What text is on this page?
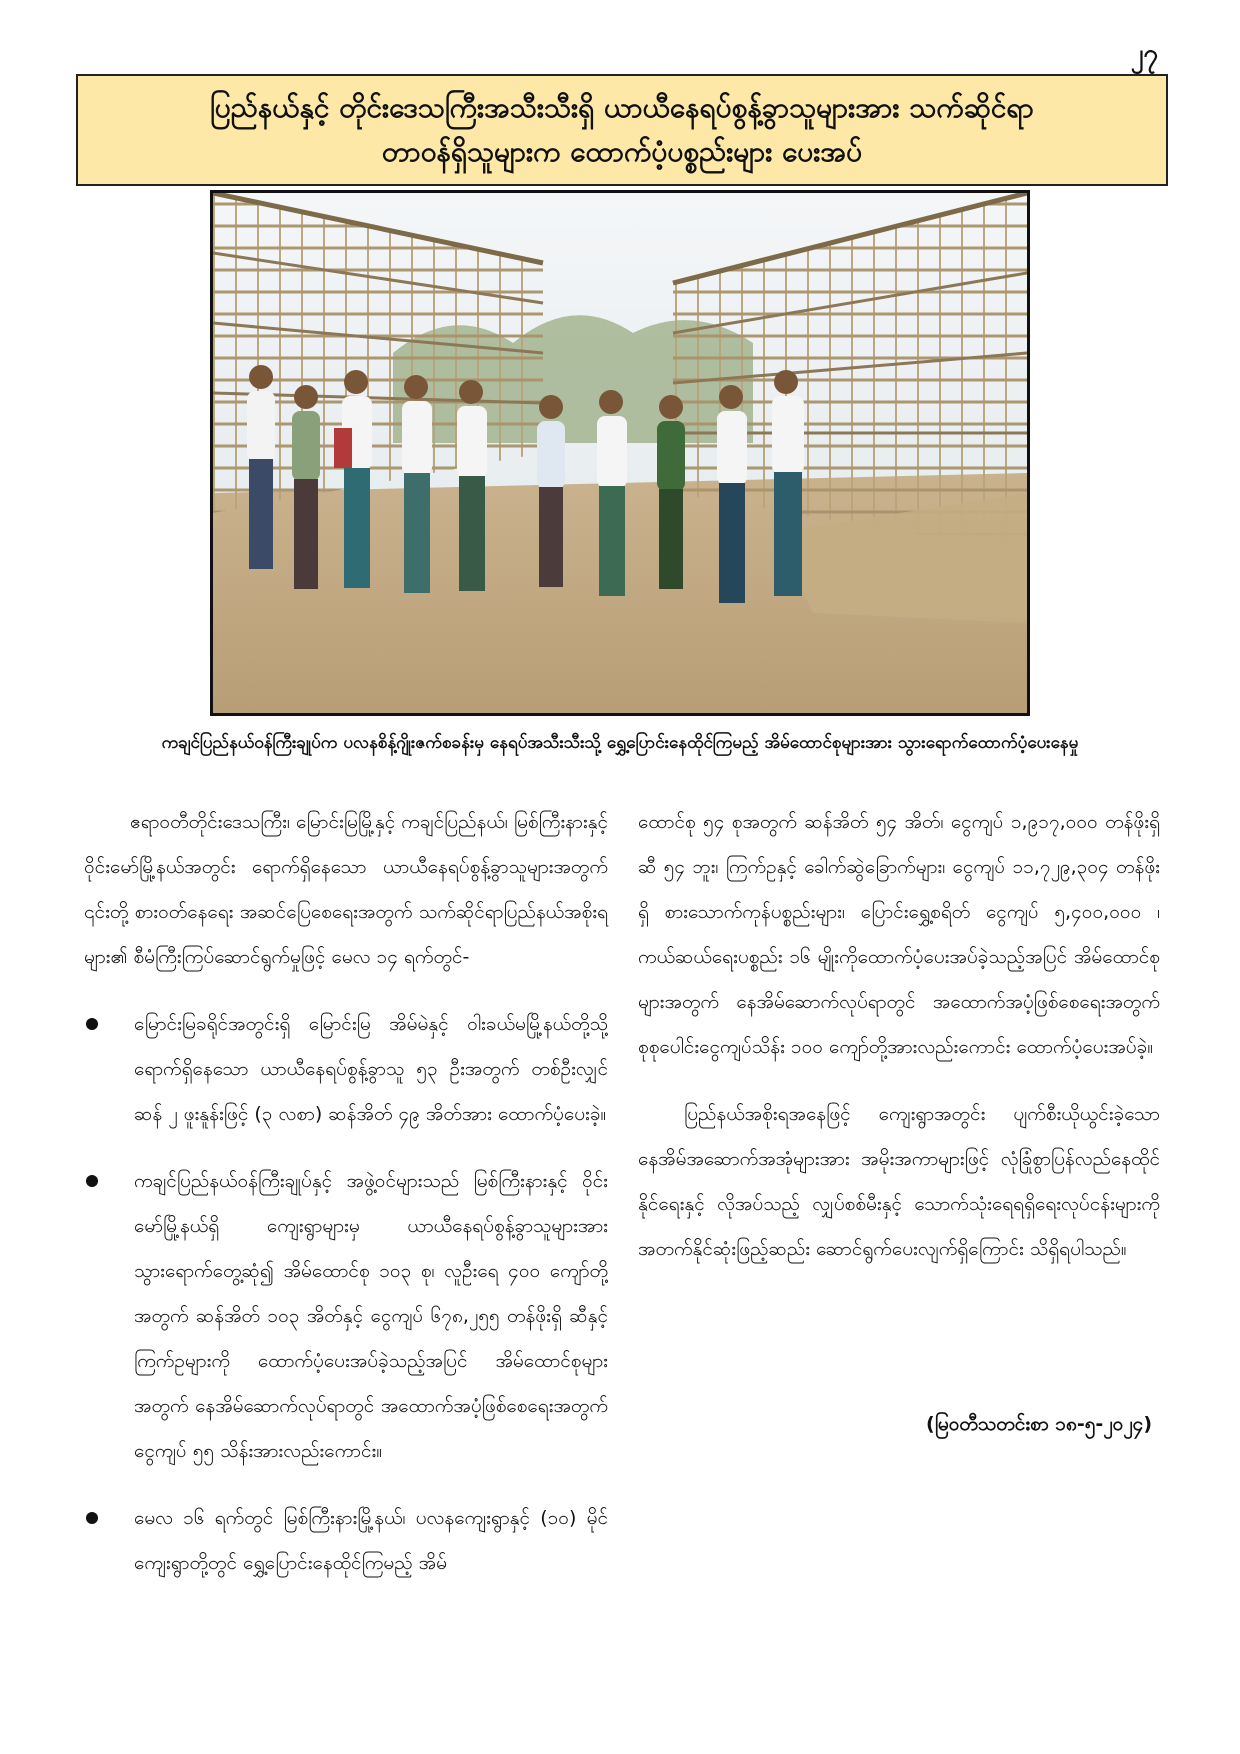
၂၇
ပြည်နယ်နှင့် တိုင်းဒေသကြီးအသီးသီးရှိ ယာယီနေရပ်စွန့်ခွာသူများအား သက်ဆိုင်ရာ
တာဝန်ရှိသူများက ထောက်ပံ့ပစ္စည်းများ ပေးအပ်
ကချင်ပြည်နယ်ဝန်ကြီးချုပ်က ပလနစိန့်ဂျိုးဇက်စခန်းမှ နေရပ်အသီးသီးသို့ ရွှေ့ပြောင်းနေထိုင်ကြမည့် အိမ်ထောင်စုများအား သွားရောက်ထောက်ပံ့ပေးနေမှု

ဧရာဝတီတိုင်းဒေသကြီး၊ မြောင်းမြမြို့နှင့် ကချင်ပြည်နယ်၊ မြစ်ကြီးနားနှင့် ဝိုင်းမော်မြို့နယ်အတွင်း ရောက်ရှိနေသော ယာယီနေရပ်စွန့်ခွာသူများအတွက် ၎င်းတို့ စားဝတ်နေရေး အဆင်ပြေစေရေးအတွက် သက်ဆိုင်ရာပြည်နယ်အစိုးရများ၏ စီမံကြီးကြပ်ဆောင်ရွက်မှုဖြင့် မေလ ၁၄ ရက်တွင်-

မြောင်းမြခရိုင်အတွင်းရှိ မြောင်းမြ အိမ်မဲနှင့် ဝါးခယ်မမြို့နယ်တို့သို့ ရောက်ရှိနေသော ယာယီနေရပ်စွန့်ခွာသူ ၅၃ ဦးအတွက် တစ်ဦးလျှင် ဆန် ၂ ဖူးနူန်းဖြင့် (၃ လစာ) ဆန်အိတ် ၄၉ အိတ်အား ထောက်ပံ့ပေးခဲ့။
ကချင်ပြည်နယ်ဝန်ကြီးချုပ်နှင့် အဖွဲ့ဝင်များသည် မြစ်ကြီးနားနှင့် ဝိုင်းမော်မြို့နယ်ရှိ ကျေးရွာများမှ ယာယီနေရပ်စွန့်ခွာသူများအား သွားရောက်တွေ့ဆုံ၍ အိမ်ထောင်စု ၁၀၃ စု၊ လူဦးရေ ၄၀၀ ကျော်တို့အတွက် ဆန်အိတ် ၁၀၃ အိတ်နှင့် ငွေကျပ် ၆၇၈,၂၅၅ တန်ဖိုးရှိ ဆီနှင့် ကြက်ဥများကို ထောက်ပံ့ပေးအပ်ခဲ့သည့်အပြင် အိမ်ထောင်စုများအတွက် နေအိမ်ဆောက်လုပ်ရာတွင် အထောက်အပံ့ဖြစ်စေရေးအတွက် ငွေကျပ် ၅၅ သိန်းအားလည်းကောင်း။
မေလ ၁၆ ရက်တွင် မြစ်ကြီးနားမြို့နယ်၊ ပလနကျေးရွာနှင့် (၁၀) မိုင်ကျေးရွာတို့တွင် ရွှေ့ပြောင်းနေထိုင်ကြမည့် အိမ်

ထောင်စု ၅၄ စုအတွက် ဆန်အိတ် ၅၄ အိတ်၊ ငွေကျပ် ၁,၉၁၇,၀၀၀ တန်ဖိုးရှိ ဆီ ၅၄ ဘူး၊ ကြက်ဥနှင့် ခေါက်ဆွဲခြောက်များ၊ ငွေကျပ် ၁၁,၇၂၉,၃၀၄ တန်ဖိုးရှိ စားသောက်ကုန်ပစ္စည်းများ၊ ပြောင်းရွှေ့စရိတ် ငွေကျပ် ၅,၄၀၀,၀၀၀ ၊ ကယ်ဆယ်ရေးပစ္စည်း ၁၆ မျိုးကိုထောက်ပံ့ပေးအပ်ခဲ့သည့်အပြင် အိမ်ထောင်စုများအတွက် နေအိမ်ဆောက်လုပ်ရာတွင် အထောက်အပံ့ဖြစ်စေရေးအတွက် စုစုပေါင်းငွေကျပ်သိန်း ၁၀၀ ကျော်တို့အားလည်းကောင်း ထောက်ပံ့ပေးအပ်ခဲ့။

ပြည်နယ်အစိုးရအနေဖြင့် ကျေးရွာအတွင်း ပျက်စီးယိုယွင်းခဲ့သော နေအိမ်အဆောက်အအုံများအား အမိုးအကာများဖြင့် လုံခြုံစွာပြန်လည်နေထိုင်နိုင်ရေးနှင့် လိုအပ်သည့် လျှပ်စစ်မီးနှင့် သောက်သုံးရေရရှိရေးလုပ်ငန်းများကို အတက်နိုင်ဆုံးဖြည့်ဆည်း ဆောင်ရွက်ပေးလျက်ရှိကြောင်း သိရှိရပါသည်။

(မြဝတီသတင်းစာ ၁၈-၅-၂၀၂၄)
